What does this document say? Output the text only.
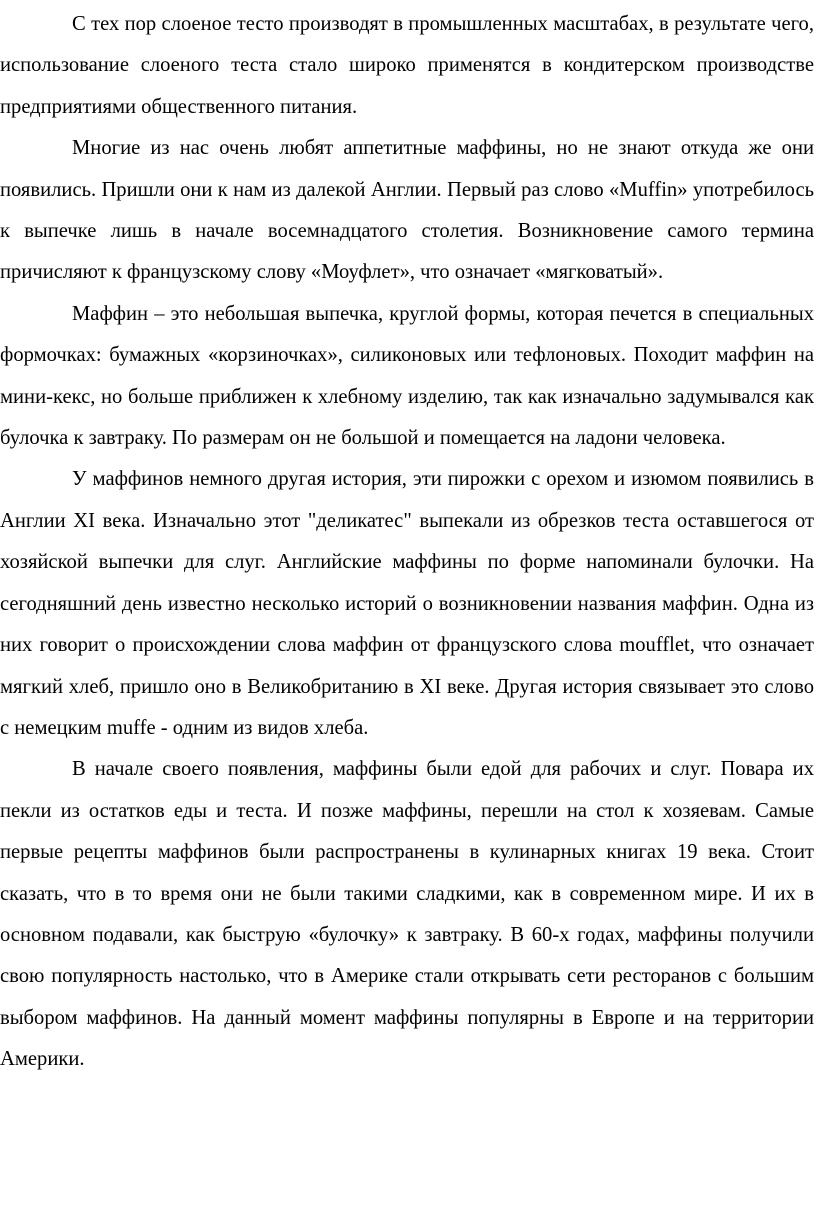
С тех пор слоеное тесто производят в промышленных масштабах, в результате чего, использование слоеного теста стало широко применятся в кондитерском производстве предприятиями общественного питания.

Многие из нас очень любят аппетитные маффины, но не знают откуда же они появились. Пришли они к нам из далекой Англии. Первый раз слово «Muffin» употребилось к выпечке лишь в начале восемнадцатого столетия. Возникновение самого термина причисляют к французскому слову «Моуфлет», что означает «мягковатый».

Маффин – это небольшая выпечка, круглой формы, которая печется в специальных формочках: бумажных «корзиночках», силиконовых или тефлоновых. Походит маффин на мини-кекс, но больше приближен к хлебному изделию, так как изначально задумывался как булочка к завтраку. По размерам он не большой и помещается на ладони человека.

У маффинов немного другая история, эти пирожки с орехом и изюмом появились в Англии XI века. Изначально этот "деликатес" выпекали из обрезков теста оставшегося от хозяйской выпечки для слуг. Английские маффины по форме напоминали булочки. На сегодняшний день известно несколько историй о возникновении названия маффин. Одна из них говорит о происхождении слова маффин от французского слова moufflet, что означает мягкий хлеб, пришло оно в Великобританию в XI веке. Другая история связывает это слово с немецким muffe - одним из видов хлеба.

В начале своего появления, маффины были едой для рабочих и слуг. Повара их пекли из остатков еды и теста. И позже маффины, перешли на стол к хозяевам. Самые первые рецепты маффинов были распространены в кулинарных книгах 19 века. Стоит сказать, что в то время они не были такими сладкими, как в современном мире. И их в основном подавали, как быструю «булочку» к завтраку. В 60-х годах, маффины получили свою популярность настолько, что в Америке стали открывать сети ресторанов с большим выбором маффинов. На данный момент маффины популярны в Европе и на территории Америки.
